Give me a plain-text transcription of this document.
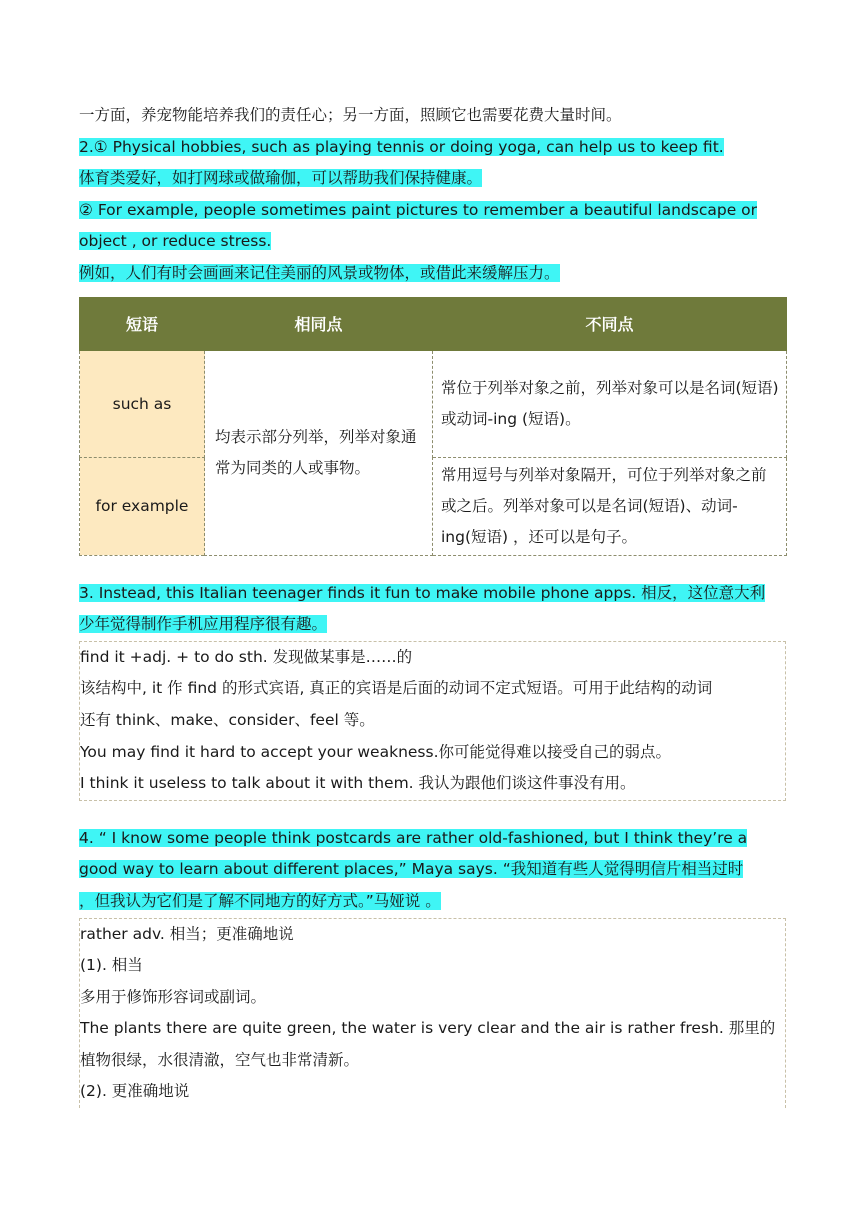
一方面，养宠物能培养我们的责任心；另一方面，照顾它也需要花费大量时间。
2.① Physical hobbies, such as playing tennis or doing yoga, can help us to keep fit.
体育类爱好，如打网球或做瑜伽，可以帮助我们保持健康。
② For example, people sometimes paint pictures to remember a beautiful landscape or
object , or reduce stress.
例如，人们有时会画画来记住美丽的风景或物体，或借此来缓解压力。
短语	相同点	不同点
such as	均表示部分列举，列举对象通常为同类的人或事物。	常位于列举对象之前，列举对象可以是名词(短语)或动词-ing (短语)。
for example		常用逗号与列举对象隔开，可位于列举对象之前或之后。列举对象可以是名词(短语)、动词-ing(短语) ，还可以是句子。
3. Instead, this Italian teenager finds it fun to make mobile phone apps. 相反，这位意大利
少年觉得制作手机应用程序很有趣。
find it +adj. + to do sth. 发现做某事是……的
该结构中, it 作 find 的形式宾语, 真正的宾语是后面的动词不定式短语。可用于此结构的动词
还有 think、make、consider、feel 等。
You may find it hard to accept your weakness.你可能觉得难以接受自己的弱点。
I think it useless to talk about it with them. 我认为跟他们谈这件事没有用。
4. “ I know some people think postcards are rather old-fashioned, but I think they’re a
good way to learn about different places,” Maya says. “我知道有些人觉得明信片相当过时
，但我认为它们是了解不同地方的好方式。”马娅说 。
rather adv. 相当；更准确地说
(1). 相当
多用于修饰形容词或副词。
The plants there are quite green, the water is very clear and the air is rather fresh. 那里的
植物很绿，水很清澈，空气也非常清新。
(2). 更准确地说
